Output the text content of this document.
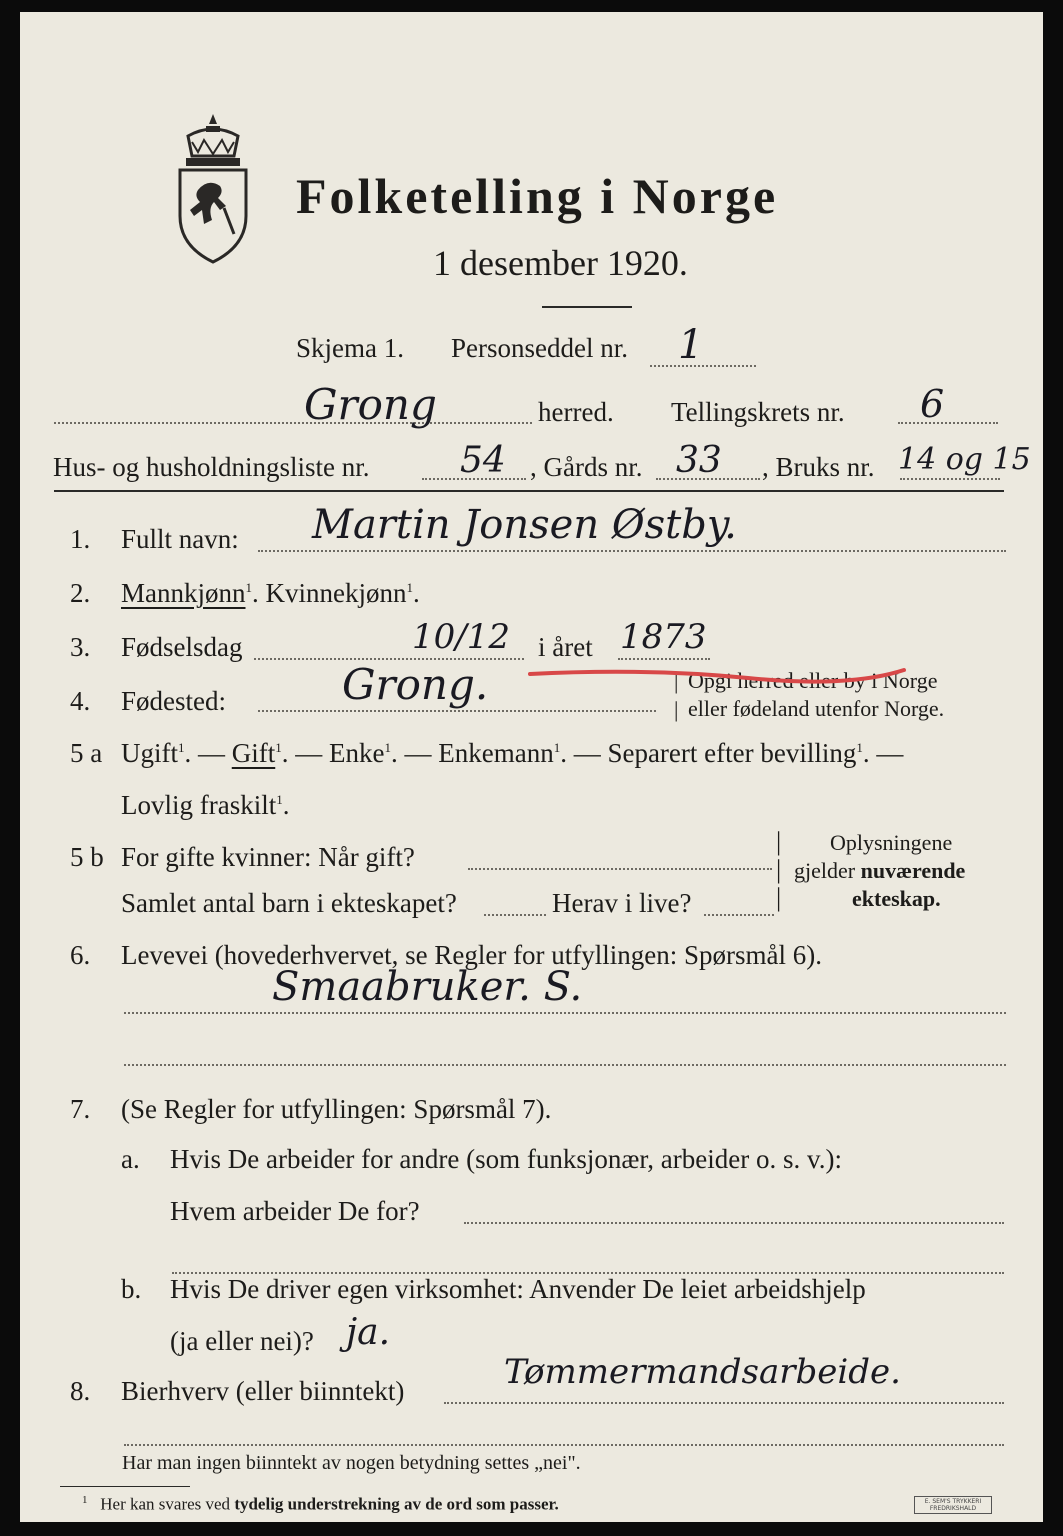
Folketelling i Norge
1 desember 1920.
Skjema 1. Personseddel nr. 1
Grong	herred. Tellingskrets nr. 6
Hus- og husholdningsliste nr.	54 , Gårds nr. 33 , Bruks nr. 14 og 15
1. Fullt navn: Martin Jonsen Østby.
2. Mannkjønn$^1$. Kvinnekjønn$^1$.
3. Fødselsdag	10/12 i året 1873
4. Fødested:	Grong.	|
|
Opgi herred eller by i Norge
eller fødeland utenfor Norge.
5 a Ugift$^1$. — Gift$^1$. — Enke$^1$. — Enkemann$^1$. — Separert efter bevilling$^1$. —
Lovlig fraskilt$^1$.
5 b For gifte kvinner: Når gift?
Samlet antal barn i ekteskapet?	Herav i live?
|
|
|
Oplysningene
gjelder nuværende
ekteskap.
6. Levevei (hovederhvervet, se Regler for utfyllingen: Spørsmål 6).
Smaabruker. S.
7. (Se Regler for utfyllingen: Spørsmål 7).
a. Hvis De arbeider for andre (som funksjonær, arbeider o. s. v.):
Hvem arbeider De for?
b. Hvis De driver egen virksomhet: Anvender De leiet arbeidshjelp
(ja eller nei)? ja.
8. Bierhverv (eller biinntekt)	Tømmermandsarbeide.
Har man ingen biinntekt av nogen betydning settes „nei".
$^1$ Her kan svares ved tydelig understrekning av de ord som passer.	E. SEM'S TRYKKERI
FREDRIKSHALD
